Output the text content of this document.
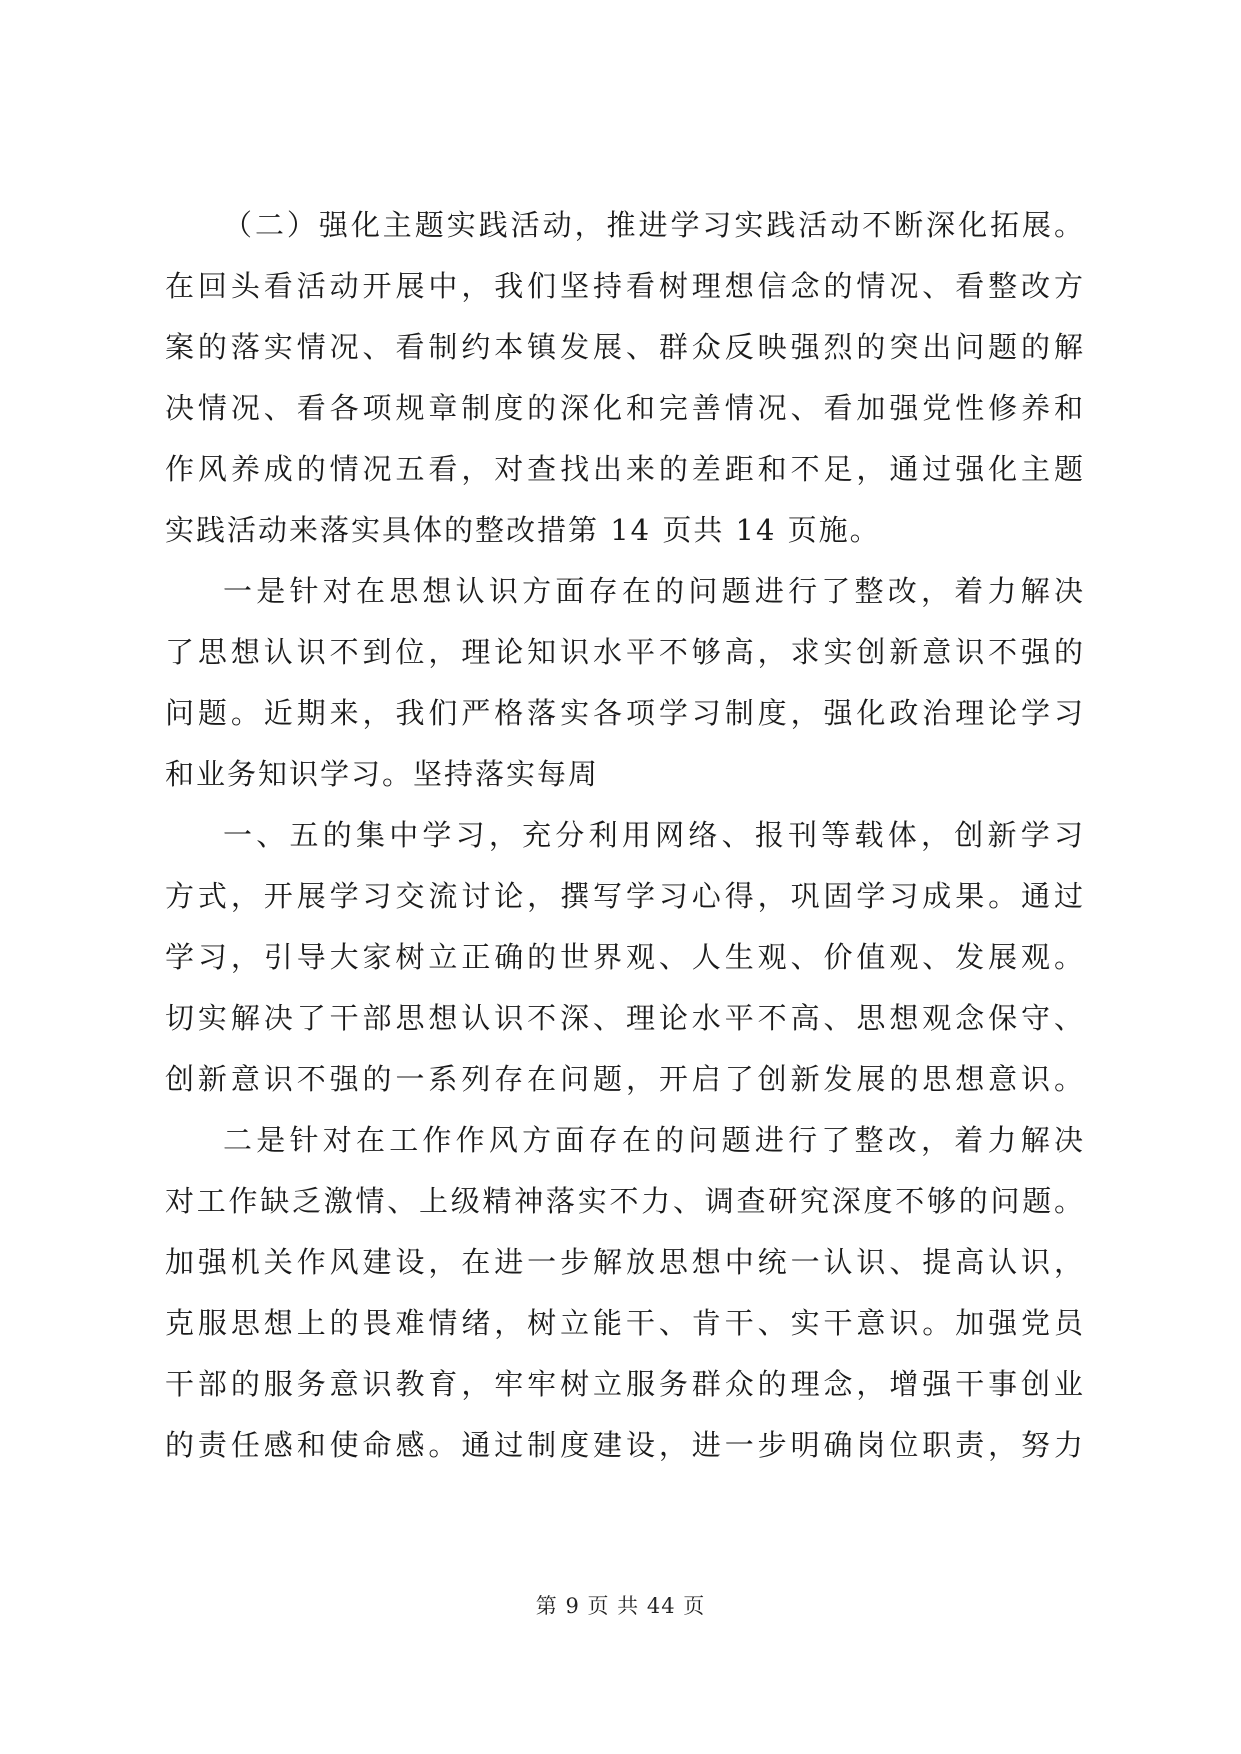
（二）强化主题实践活动，推进学习实践活动不断深化拓展。
在回头看活动开展中，我们坚持看树理想信念的情况、看整改方
案的落实情况、看制约本镇发展、群众反映强烈的突出问题的解
决情况、看各项规章制度的深化和完善情况、看加强党性修养和
作风养成的情况五看，对查找出来的差距和不足，通过强化主题
实践活动来落实具体的整改措第 14 页共 14 页施。
一是针对在思想认识方面存在的问题进行了整改，着力解决
了思想认识不到位，理论知识水平不够高，求实创新意识不强的
问题。近期来，我们严格落实各项学习制度，强化政治理论学习
和业务知识学习。坚持落实每周
一、五的集中学习，充分利用网络、报刊等载体，创新学习
方式，开展学习交流讨论，撰写学习心得，巩固学习成果。通过
学习，引导大家树立正确的世界观、人生观、价值观、发展观。
切实解决了干部思想认识不深、理论水平不高、思想观念保守、
创新意识不强的一系列存在问题，开启了创新发展的思想意识。
二是针对在工作作风方面存在的问题进行了整改，着力解决
对工作缺乏激情、上级精神落实不力、调查研究深度不够的问题。
加强机关作风建设，在进一步解放思想中统一认识、提高认识，
克服思想上的畏难情绪，树立能干、肯干、实干意识。加强党员
干部的服务意识教育，牢牢树立服务群众的理念，增强干事创业
的责任感和使命感。通过制度建设，进一步明确岗位职责，努力
第 9 页 共 44 页
